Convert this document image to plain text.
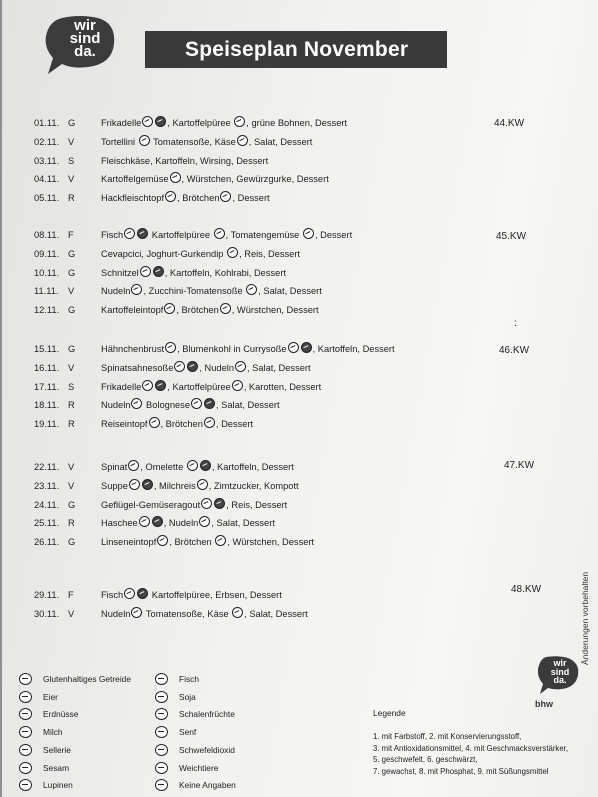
wir
sind
da.	Speiseplan November
44.KW
01.11. G	Frikadelle	, Kartoffelpüree , grüne Bohnen, Dessert
02.11. V	Tortellini  Tomatensoße, Käse , Salat, Dessert
03.11. S	Fleischkäse, Kartoffeln, Wirsing, Dessert
04.11. V	Kartoffelgemüse , Würstchen, Gewürzgurke, Dessert
05.11. R	Hackfleischtopf , Brötchen , Dessert
45.KW
08.11. F	Fisch	Kartoffelpüree , Tomatengemüse , Dessert
09.11. G	Cevapcici, Joghurt-Gurkendip , Reis, Dessert
10.11. G	Schnitzel	, Kartoffeln, Kohlrabi, Dessert
11.11. V	Nudeln , Zucchini-Tomatensoße , Salat, Dessert
12.11. G	Kartoffeleintopf , Brötchen , Würstchen, Dessert
46.KW
15.11. G	Hähnchenbrust , Blumenkohl in Currysoße	, Kartoffeln, Dessert
16.11. V	Spinatsahnesoße	, Nudeln , Salat, Dessert
17.11. S	Frikadelle	, Kartoffelpüree , Karotten, Dessert
18.11. R	Nudeln Bolognese	, Salat, Dessert
19.11. R	Reiseintopf , Brötchen , Dessert
47.KW
22.11. V	Spinat , Omelette	, Kartoffeln, Dessert
23.11. V	Suppe	, Milchreis , Zimtzucker, Kompott
24.11. G	Geflügel-Gemüseragout	, Reis, Dessert
25.11. R	Haschee	, Nudeln , Salat, Dessert
26.11. G	Linseneintopf , Brötchen , Würstchen, Dessert
48.KW
29.11. F	Fisch	Kartoffelpüree, Erbsen, Dessert
30.11. V	Nudeln Tomatensoße, Käse , Salat, Dessert
:
Änderungen vorbehalten
Glutenhaltiges Getreide
Eier
Erdnüsse
Milch
Sellerie
Sesam
Lupinen
Fisch
Soja
Schalenfrüchte
Senf
Schwefeldioxid
Weichtiere
Keine Angaben
Legende
1. mit Farbstoff, 2. mit Konservierungsstoff,
3. mit Antioxidationsmittel, 4. mit Geschmacksverstärker,
5. geschwefelt, 6. geschwärzt,
7. gewachst, 8. mit Phosphat, 9. mit Süßungsmittel
wir
sind
da.
bhw
